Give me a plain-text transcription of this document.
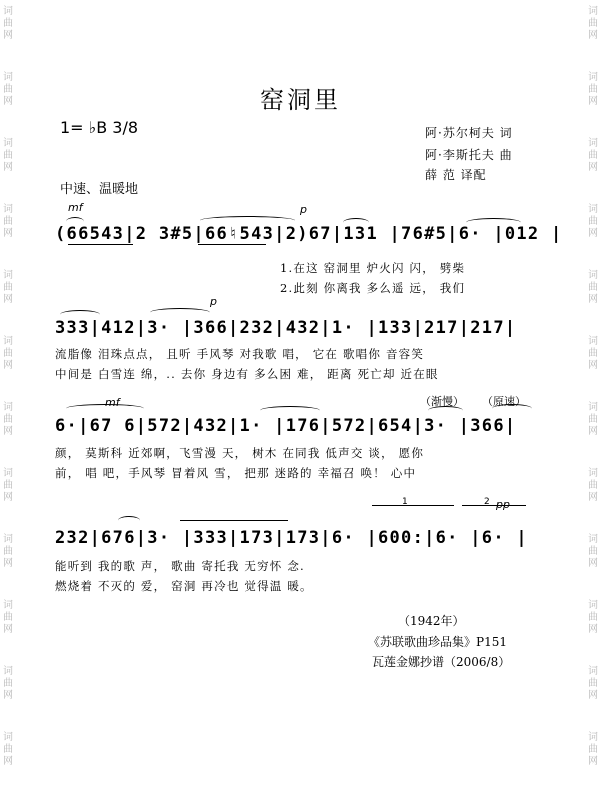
词
曲
网
词
曲
网
词
曲
网
词
曲
网
词
曲
网
词
曲
网
词
曲
网
词
曲
网
词
曲
网
词
曲
网
词
曲
网
词
曲
网
词
曲
网
词
曲
网
词
曲
网
词
曲
网
词
曲
网
词
曲
网
词
曲
网
词
曲
网
词
曲
网
词
曲
网
词
曲
网
词
曲
网
窑洞里
1= ♭B 3/8	阿·苏尔柯夫 词
阿·李斯托夫 曲
薛 范 译配
中速、温暖地
mf	p
(66543|2 3#5|66♮543|2)67|131 |76#5|6· |012 |
1.在这 窑洞里 炉火闪 闪， 劈柴
2.此刻 你离我 多么遥 远， 我们
p
333|412|3· |366|232|432|1· |133|217|217|
流脂像 泪珠点点， 且听 手风琴 对我歌 唱， 它在 歌唱你 音容笑
中间是 白雪连 绵，.. 去你 身边有 多么困 难， 距离 死亡却 近在眼
mf	（渐慢） （原速）
6·|67 6|572|432|1· |176|572|654|3· |366|
颜， 莫斯科 近郊啊，飞雪漫 天， 树木 在同我 低声交 谈， 愿你
前， 唱 吧，手风琴 冒着风 雪， 把那 迷路的 幸福召 唤！ 心中
1	2 pp
232|676|3· |333|173|173|6· |600:|6· |6· |
能听到 我的歌 声， 歌曲 寄托我 无穷怀 念.
燃烧着 不灭的 爱， 窑洞 再冷也 觉得温 暖。
（1942年）
《苏联歌曲珍品集》P151
瓦莲金娜抄谱（2006/8）
